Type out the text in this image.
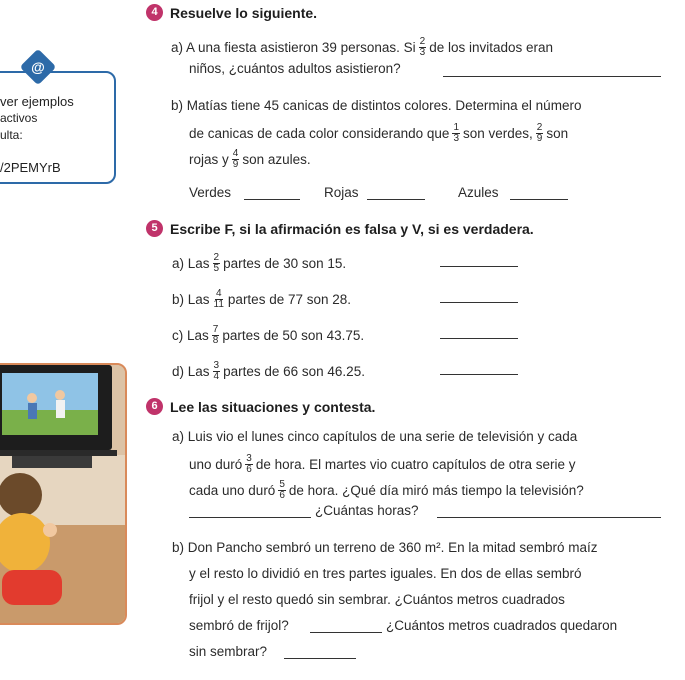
@
ver ejemplos
activos
ulta:
/2PEMYrB
4 Resuelve lo siguiente.
a) A una fiesta asistieron 39 personas. Si $\frac{2}{3}$ de los invitados eran
niños, ¿cuántos adultos asistieron?
b) Matías tiene 45 canicas de distintos colores. Determina el número
de canicas de cada color considerando que $\frac{1}{3}$ son verdes, $\frac{2}{9}$ son
rojas y $\frac{4}{9}$ son azules.
Verdes	Rojas	Azules
5 Escribe F, si la afirmación es falsa y V, si es verdadera.
a) Las $\frac{2}{5}$ partes de 30 son 15.
b) Las $\frac{4}{11}$ partes de 77 son 28.
c) Las $\frac{7}{8}$ partes de 50 son 43.75.
d) Las $\frac{3}{4}$ partes de 66 son 46.25.
6 Lee las situaciones y contesta.
a) Luis vio el lunes cinco capítulos de una serie de televisión y cada
uno duró $\frac{3}{6}$ de hora. El martes vio cuatro capítulos de otra serie y
cada uno duró $\frac{5}{6}$ de hora. ¿Qué día miró más tiempo la televisión?
¿Cuántas horas?
b) Don Pancho sembró un terreno de 360 m². En la mitad sembró maíz
y el resto lo dividió en tres partes iguales. En dos de ellas sembró
frijol y el resto quedó sin sembrar. ¿Cuántos metros cuadrados
sembró de frijol?	¿Cuántos metros cuadrados quedaron
sin sembrar?
